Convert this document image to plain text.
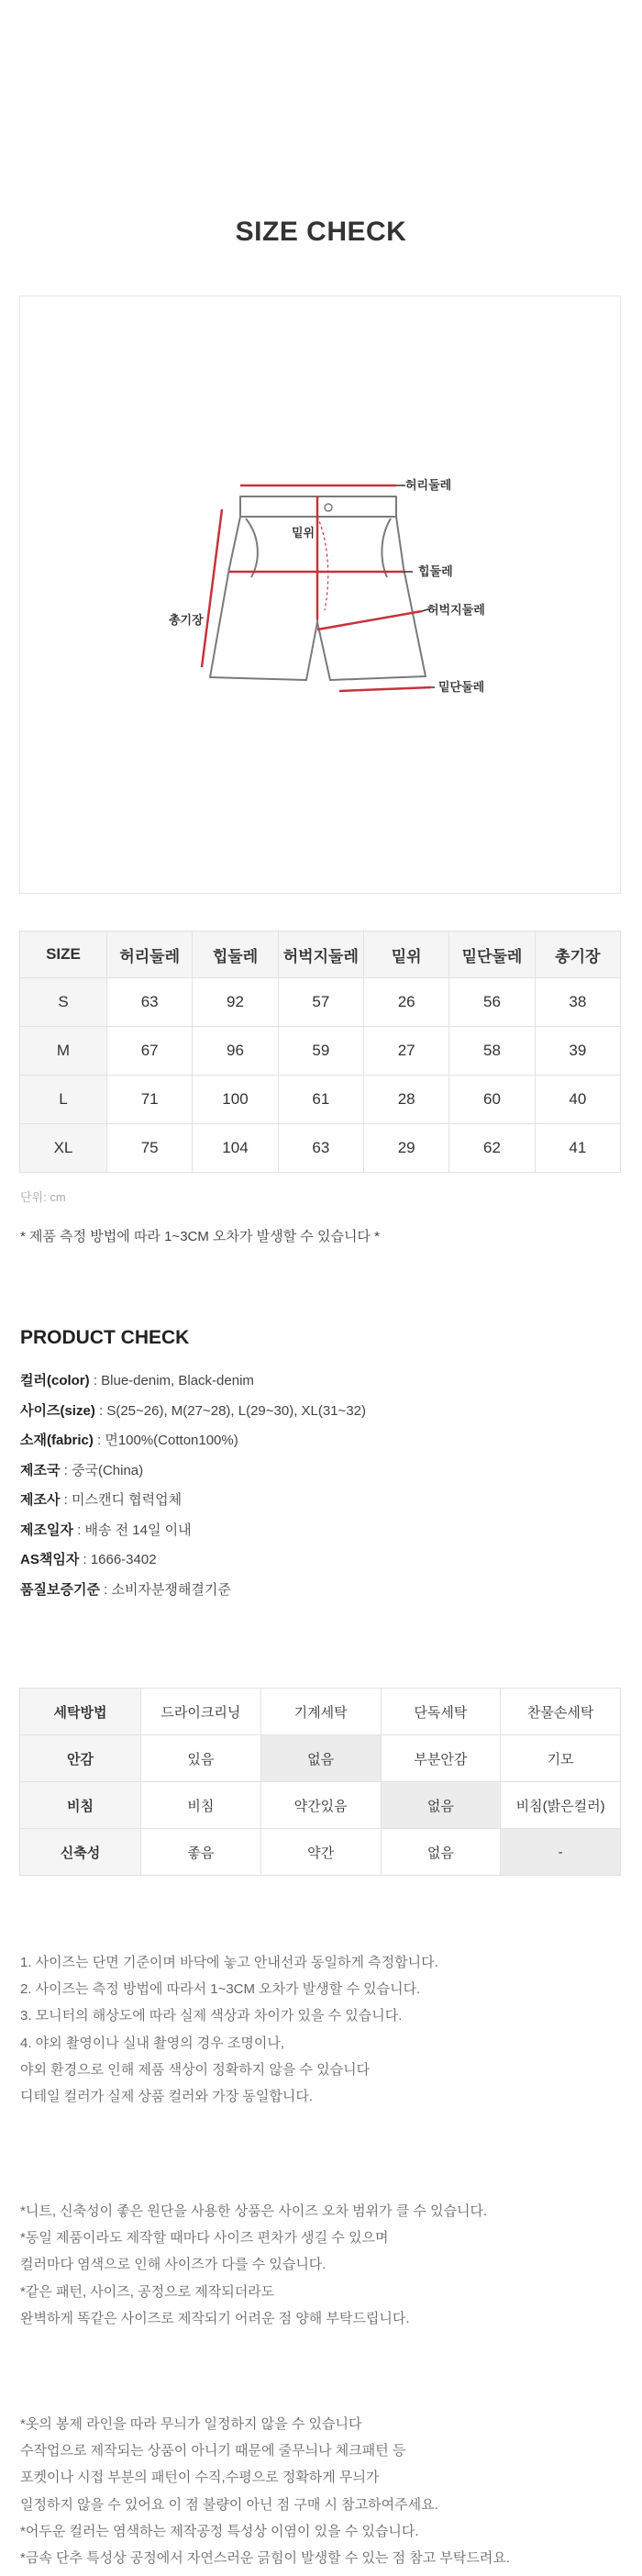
SIZE CHECK
허리둘레
밑위
힙둘레
총기장
허벅지둘레
밑단둘레
SIZE	허리둘레	힙둘레	허벅지둘레	밑위	밑단둘레	총기장
S	63	92	57	26	56	38
M	67	96	59	27	58	39
L	71	100	61	28	60	40
XL	75	104	63	29	62	41
단위: cm
* 제품 측정 방법에 따라 1~3CM 오차가 발생할 수 있습니다 *
PRODUCT CHECK
컬러(color) : Blue-denim, Black-denim
사이즈(size) : S(25~26), M(27~28), L(29~30), XL(31~32)
소재(fabric) : 면100%(Cotton100%)
제조국 : 중국(China)
제조사 : 미스캔디 협력업체
제조일자 : 배송 전 14일 이내
AS책임자 : 1666-3402
품질보증기준 : 소비자분쟁해결기준
세탁방법	드라이크리닝	기계세탁	단독세탁	찬물손세탁
안감	있음	없음	부분안감	기모
비침	비침	약간있음	없음	비침(밝은컬러)
신축성	좋음	약간	없음	-
1. 사이즈는 단면 기준이며 바닥에 놓고 안내선과 동일하게 측정합니다.
2. 사이즈는 측정 방법에 따라서 1~3CM 오차가 발생할 수 있습니다.
3. 모니터의 해상도에 따라 실제 색상과 차이가 있을 수 있습니다.
4. 야외 촬영이나 실내 촬영의 경우 조명이나,
야외 환경으로 인해 제품 색상이 정확하지 않을 수 있습니다
디테일 컬러가 실제 상품 컬러와 가장 동일합니다.
*니트, 신축성이 좋은 원단을 사용한 상품은 사이즈 오차 범위가 클 수 있습니다.
*동일 제품이라도 제작할 때마다 사이즈 편차가 생길 수 있으며
컬러마다 염색으로 인해 사이즈가 다를 수 있습니다.
*같은 패턴, 사이즈, 공정으로 제작되더라도
완벽하게 똑같은 사이즈로 제작되기 어려운 점 양해 부탁드립니다.
*옷의 봉제 라인을 따라 무늬가 일정하지 않을 수 있습니다
수작업으로 제작되는 상품이 아니기 때문에 줄무늬나 체크패턴 등
포켓이나 시접 부분의 패턴이 수직,수평으로 정확하게 무늬가
일정하지 않을 수 있어요 이 점 불량이 아닌 점 구매 시 참고하여주세요.
*어두운 컬러는 염색하는 제작공정 특성상 이염이 있을 수 있습니다.
*금속 단추 특성상 공정에서 자연스러운 긁힘이 발생할 수 있는 점 참고 부탁드려요.
